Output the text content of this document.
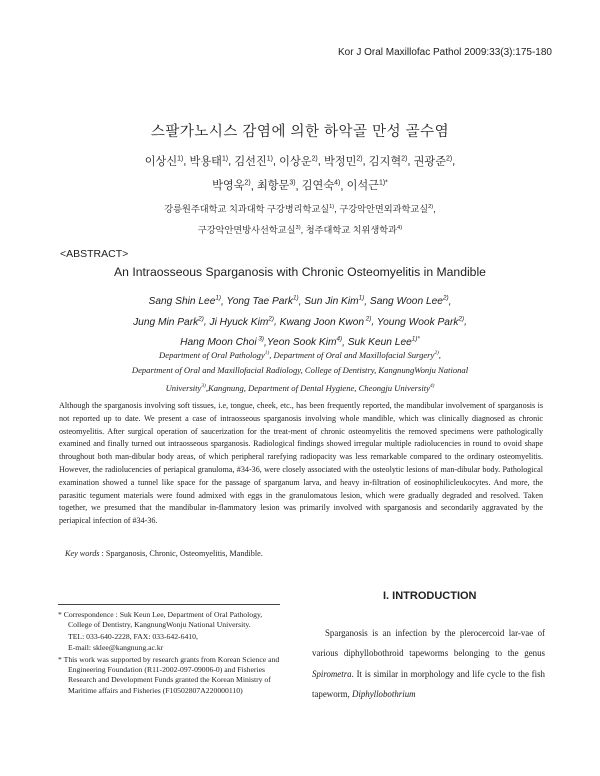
Kor J Oral Maxillofac Pathol 2009:33(3):175-180
스팔가노시스 감염에 의한 하악골 만성 골수염
이상신$^{1)}$, 박용태$^{1)}$, 김선진$^{1)}$, 이상운$^{2)}$, 박정민$^{2)}$, 김지혁$^{2)}$, 권광준$^{2)}$,
박영욱$^{2)}$, 최항문$^{3)}$, 김연숙$^{4)}$, 이석근$^{1)*}$
강릉원주대학교 치과대학 구강병리학교실$^{1)}$, 구강악안면외과학교실$^{2)}$,
구강악안면방사선학교실$^{3)}$, 청주대학교 치위생학과$^{4)}$
<ABSTRACT>
An Intraosseous Sparganosis with Chronic Osteomyelitis in Mandible
Sang Shin Lee$^{1)}$, Yong Tae Park$^{1)}$, Sun Jin Kim$^{1)}$, Sang Woon Lee$^{2)}$,
Jung Min Park$^{2)}$, Ji Hyuck Kim$^{2)}$, Kwang Joon Kwon $^{2)}$, Young Wook Park$^{2)}$,
Hang Moon Choi $^{3)}$,Yeon Sook Kim$^{4)}$, Suk Keun Lee$^{1)*}$
Department of Oral Pathology$^{1)}$, Department of Oral and Maxillofacial Surgery$^{2)}$,
Department of Oral and Maxillofacial Radiology, College of Dentistry, KangnungWonju National
University$^{3)}$,Kangnung, Department of Dental Hygiene, Cheongju University$^{4)}$
Although the sparganosis involving soft tissues, i.e, tongue, cheek, etc., has been frequently reported, the mandibular involvement of sparganosis is not reported up to date. We present a case of intraosseous sparganosis involving whole mandible, which was clinically diagnosed as chronic osteomyelitis. After surgical operation of saucerization for the treat-ment of chronic osteomyelitis the removed specimens were pathologically examined and finally turned out intraosseous sparganosis. Radiological findings showed irregular multiple radiolucencies in round to ovoid shape throughout both man-dibular body areas, of which peripheral rarefying radiopacity was less remarkable compared to the ordinary osteomyelitis. However, the radiolucencies of periapical granuloma, #34-36, were closely associated with the osteolytic lesions of man-dibular body. Pathological examination showed a tunnel like space for the passage of sparganum larva, and heavy in-filtration of eosinophilicleukocytes. And more, the parasitic tegument materials were found admixed with eggs in the granulomatous lesion, which were gradually degraded and resolved. Taken together, we presumed that the mandibular in-flammatory lesion was primarily involved with sparganosis and secondarily aggravated by the periapical infection of #34-36.
Key words : Sparganosis, Chronic, Osteomyelitis, Mandible.
* Correspondence : Suk Keun Lee, Department of Oral Pathology, College of Dentistry, KangnungWonju National University.
TEL: 033-640-2228, FAX: 033-642-6410,
E-mail: sklee@kangnung.ac.kr
* This work was supported by research grants from Korean Science and Engineering Foundation (R11-2002-097-09006-0) and Fisheries Research and Development Funds granted the Korean Ministry of Maritime affairs and Fisheries (F10502807A220000110)
I. INTRODUCTION
Sparganosis is an infection by the plerocercoid lar-vae of various diphyllobothroid tapeworms belonging to the genus Spirometra. It is similar in morphology and life cycle to the fish tapeworm, Diphyllobothrium
